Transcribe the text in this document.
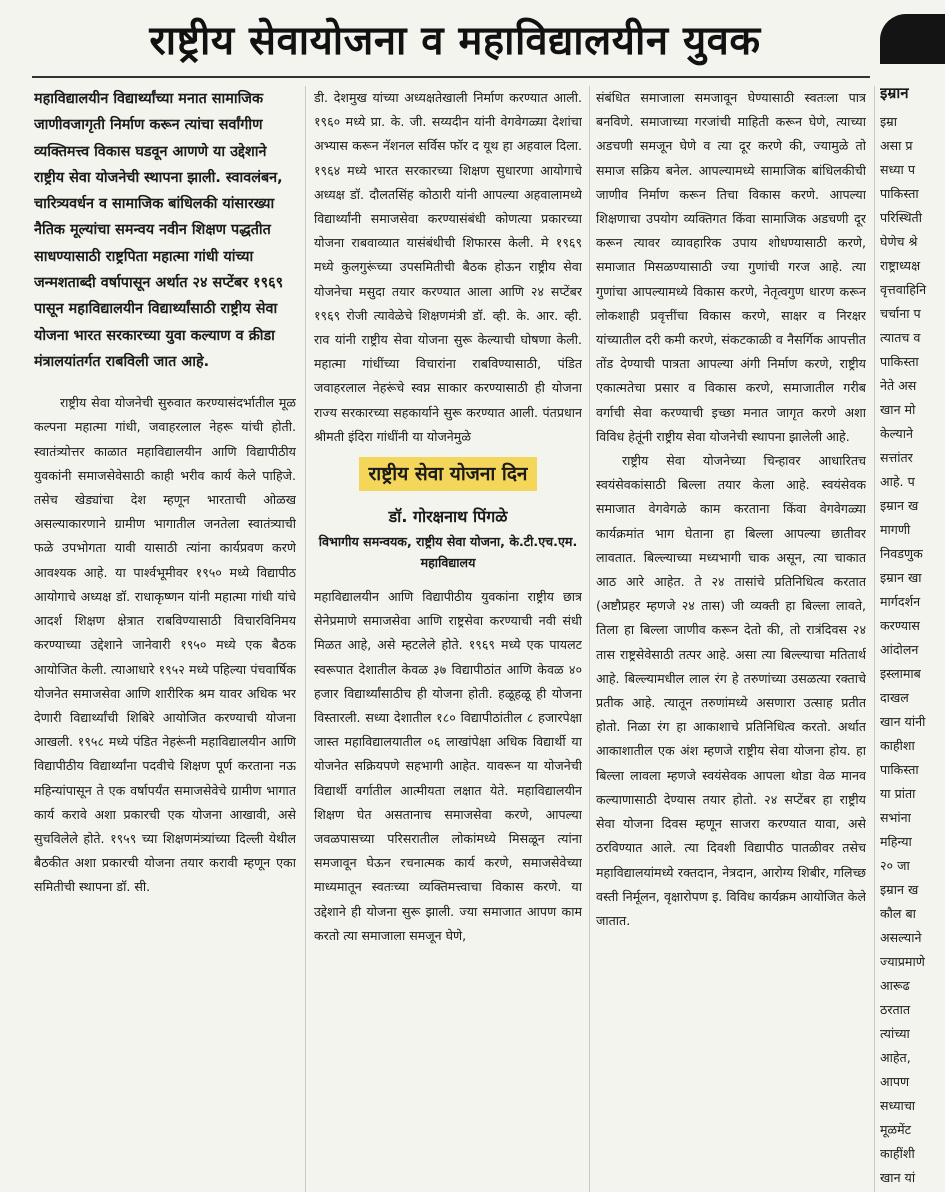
राष्ट्रीय सेवायोजना व महाविद्यालयीन युवक
महाविद्यालयीन विद्यार्थ्यांच्या मनात सामाजिक जाणीवजागृती निर्माण करून त्यांचा सर्वांगीण व्यक्तिमत्त्व विकास घडवून आणणे या उद्देशाने राष्ट्रीय सेवा योजनेची स्थापना झाली. स्वावलंबन, चारित्र्यवर्धन व सामाजिक बांधिलकी यांसारख्या नैतिक मूल्यांचा समन्वय नवीन शिक्षण पद्धतीत साधण्यासाठी राष्ट्रपिता महात्मा गांधी यांच्या जन्मशताब्दी वर्षापासून अर्थात २४ सप्टेंबर १९६९ पासून महाविद्यालयीन विद्यार्थ्यांसाठी राष्ट्रीय सेवा योजना भारत सरकारच्या युवा कल्याण व क्रीडा मंत्रालयांतर्गत राबविली जात आहे.

राष्ट्रीय सेवा योजनेची सुरुवात करण्यासंदर्भातील मूळ कल्पना महात्मा गांधी, जवाहरलाल नेहरू यांची होती. स्वातंत्र्योत्तर काळात महाविद्यालयीन आणि विद्यापीठीय युवकांनी समाजसेवेसाठी काही भरीव कार्य केले पाहिजे. तसेच खेड्यांचा देश म्हणून भारताची ओळख असल्याकारणाने ग्रामीण भागातील जनतेला स्वातंत्र्याची फळे उपभोगता यावी यासाठी त्यांना कार्यप्रवण करणे आवश्यक आहे. या पार्श्वभूमीवर १९५० मध्ये विद्यापीठ आयोगाचे अध्यक्ष डॉ. राधाकृष्णन यांनी महात्मा गांधी यांचे आदर्श शिक्षण क्षेत्रात राबविण्यासाठी विचारविनिमय करण्याच्या उद्देशाने जानेवारी १९५० मध्ये एक बैठक आयोजित केली. त्याआधारे १९५२ मध्ये पहिल्या पंचवार्षिक योजनेत समाजसेवा आणि शारीरिक श्रम यावर अधिक भर देणारी विद्यार्थ्यांची शिबिरे आयोजित करण्याची योजना आखली. १९५८ मध्ये पंडित नेहरूंनी महाविद्यालयीन आणि विद्यापीठीय विद्यार्थ्यांना पदवीचे शिक्षण पूर्ण करताना नऊ महिन्यांपासून ते एक वर्षापर्यंत समाजसेवेचे ग्रामीण भागात कार्य करावे अशा प्रकारची एक योजना आखावी, असे सुचविलेले होते. १९५९ च्या शिक्षणमंत्र्यांच्या दिल्ली येथील बैठकीत अशा प्रकारची योजना तयार करावी म्हणून एका समितीची स्थापना डॉ. सी.

डी. देशमुख यांच्या अध्यक्षतेखाली निर्माण करण्यात आली. १९६० मध्ये प्रा. के. जी. सय्यदीन यांनी वेगवेगळ्या देशांचा अभ्यास करून नॅशनल सर्विस फॉर द यूथ हा अहवाल दिला. १९६४ मध्ये भारत सरकारच्या शिक्षण सुधारणा आयोगाचे अध्यक्ष डॉ. दौलतसिंह कोठारी यांनी आपल्या अहवालामध्ये विद्यार्थ्यांनी समाजसेवा करण्यासंबंधी कोणत्या प्रकारच्या योजना राबवाव्यात यासंबंधीची शिफारस केली. मे १९६९ मध्ये कुलगुरूंच्या उपसमितीची बैठक होऊन राष्ट्रीय सेवा योजनेचा मसुदा तयार करण्यात आला आणि २४ सप्टेंबर १९६९ रोजी त्यावेळेचे शिक्षणमंत्री डॉ. व्ही. के. आर. व्ही. राव यांनी राष्ट्रीय सेवा योजना सुरू केल्याची घोषणा केली. महात्मा गांधींच्या विचारांना राबविण्यासाठी, पंडित जवाहरलाल नेहरूंचे स्वप्न साकार करण्यासाठी ही योजना राज्य सरकारच्या सहकार्याने सुरू करण्यात आली. पंतप्रधान श्रीमती इंदिरा गांधींनी या योजनेमुळे

राष्ट्रीय सेवा योजना दिन
डॉ. गोरक्षनाथ पिंगळे
विभागीय समन्वयक, राष्ट्रीय सेवा योजना, के.टी.एच.एम. महाविद्यालय

महाविद्यालयीन आणि विद्यापीठीय युवकांना राष्ट्रीय छात्र सेनेप्रमाणे समाजसेवा आणि राष्ट्रसेवा करण्याची नवी संधी मिळत आहे, असे म्हटलेले होते. १९६९ मध्ये एक पायलट स्वरूपात देशातील केवळ ३७ विद्यापीठांत आणि केवळ ४० हजार विद्यार्थ्यांसाठीच ही योजना होती. हळूहळू ही योजना विस्तारली. सध्या देशातील १८० विद्यापीठांतील ८ हजारपेक्षा जास्त महाविद्यालयातील ०६ लाखांपेक्षा अधिक विद्यार्थी या योजनेत सक्रियपणे सहभागी आहेत. यावरून या योजनेची विद्यार्थी वर्गातील आत्मीयता लक्षात येते. महाविद्यालयीन शिक्षण घेत असतानाच समाजसेवा करणे, आपल्या जवळपासच्या परिसरातील लोकांमध्ये मिसळून त्यांना समजावून घेऊन रचनात्मक कार्य करणे, समाजसेवेच्या माध्यमातून स्वतःच्या व्यक्तिमत्त्वाचा विकास करणे. या उद्देशाने ही योजना सुरू झाली. ज्या समाजात आपण काम करतो त्या समाजाला समजून घेणे,

संबंधित समाजाला समजावून घेण्यासाठी स्वतःला पात्र बनविणे. समाजाच्या गरजांची माहिती करून घेणे, त्याच्या अडचणी समजून घेणे व त्या दूर करणे की, ज्यामुळे तो समाज सक्रिय बनेल. आपल्यामध्ये सामाजिक बांधिलकीची जाणीव निर्माण करून तिचा विकास करणे. आपल्या शिक्षणाचा उपयोग व्यक्तिगत किंवा सामाजिक अडचणी दूर करून त्यावर व्यावहारिक उपाय शोधण्यासाठी करणे, समाजात मिसळण्यासाठी ज्या गुणांची गरज आहे. त्या गुणांचा आपल्यामध्ये विकास करणे, नेतृत्वगुण धारण करून लोकशाही प्रवृत्तींचा विकास करणे, साक्षर व निरक्षर यांच्यातील दरी कमी करणे, संकटकाळी व नैसर्गिक आपत्तीत तोंड देण्याची पात्रता आपल्या अंगी निर्माण करणे, राष्ट्रीय एकात्मतेचा प्रसार व विकास करणे, समाजातील गरीब वर्गाची सेवा करण्याची इच्छा मनात जागृत करणे अशा विविध हेतूंनी राष्ट्रीय सेवा योजनेची स्थापना झालेली आहे.

राष्ट्रीय सेवा योजनेच्या चिन्हावर आधारितच स्वयंसेवकांसाठी बिल्ला तयार केला आहे. स्वयंसेवक समाजात वेगवेगळे काम करताना किंवा वेगवेगळ्या कार्यक्रमांत भाग घेताना हा बिल्ला आपल्या छातीवर लावतात. बिल्ल्याच्या मध्यभागी चाक असून, त्या चाकात आठ आरे आहेत. ते २४ तासांचे प्रतिनिधित्व करतात (अष्टौप्रहर म्हणजे २४ तास) जी व्यक्ती हा बिल्ला लावते, तिला हा बिल्ला जाणीव करून देतो की, तो रात्रंदिवस २४ तास राष्ट्रसेवेसाठी तत्पर आहे. असा त्या बिल्ल्याचा मतितार्थ आहे. बिल्ल्यामधील लाल रंग हे तरुणांच्या उसळत्या रक्ताचे प्रतीक आहे. त्यातून तरुणांमध्ये असणारा उत्साह प्रतीत होतो. निळा रंग हा आकाशाचे प्रतिनिधित्व करतो. अर्थात आकाशातील एक अंश म्हणजे राष्ट्रीय सेवा योजना होय. हा बिल्ला लावला म्हणजे स्वयंसेवक आपला थोडा वेळ मानव कल्याणासाठी देण्यास तयार होतो. २४ सप्टेंबर हा राष्ट्रीय सेवा योजना दिवस म्हणून साजरा करण्यात यावा, असे ठरविण्यात आले. त्या दिवशी विद्यापीठ पातळीवर तसेच महाविद्यालयांमध्ये रक्तदान, नेत्रदान, आरोग्य शिबीर, गलिच्छ वस्ती निर्मूलन, वृक्षारोपण इ. विविध कार्यक्रम आयोजित केले जातात.

इम्रान
इम्रा
असा प्र
सध्या प
पाकिस्ता
परिस्थिती
घेणेच श्रे
राष्ट्राध्यक्ष
वृत्तवाहिनि
चर्चाना प
त्यातच व
पाकिस्ता
नेते अस
खान मो
केल्याने
सत्तांतर
आहे. प
इम्रान ख
मागणी
निवडणुक
इम्रान खा
मार्गदर्शन
करण्यास
आंदोलन
इस्लामाब
दाखल
खान यांनी
काहीशा
पाकिस्ता
या प्रांता
सभांना
महिन्या
२० जा
इम्रान ख
कौल बा
असल्याने
ज्याप्रमाणे
आरूढ
ठरतात
त्यांच्या
आहेत,
आपण
सध्याचा
मूळमेंट
काहींशी
खान यां
